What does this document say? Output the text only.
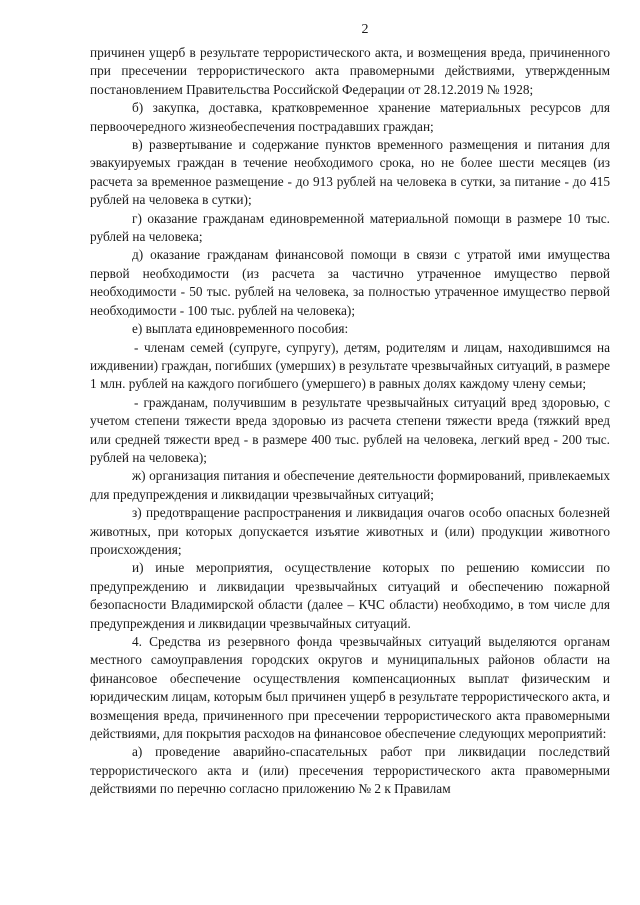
2

причинен ущерб в результате террористического акта, и возмещения вреда, причиненного при пресечении террористического акта правомерными действиями, утвержденным постановлением Правительства Российской Федерации от 28.12.2019 № 1928;

б) закупка, доставка, кратковременное хранение материальных ресурсов для первоочередного жизнеобеспечения пострадавших граждан;

в) развертывание и содержание пунктов временного размещения и питания для эвакуируемых граждан в течение необходимого срока, но не более шести месяцев (из расчета за временное размещение - до 913 рублей на человека в сутки, за питание - до 415 рублей на человека в сутки);

г) оказание гражданам единовременной материальной помощи в размере 10 тыс. рублей на человека;

д) оказание гражданам финансовой помощи в связи с утратой ими имущества первой необходимости (из расчета за частично утраченное имущество первой необходимости - 50 тыс. рублей на человека, за полностью утраченное имущество первой необходимости - 100 тыс. рублей на человека);

е) выплата единовременного пособия:

- членам семей (супруге, супругу), детям, родителям и лицам, находившимся на иждивении) граждан, погибших (умерших) в результате чрезвычайных ситуаций, в размере 1 млн. рублей на каждого погибшего (умершего) в равных долях каждому члену семьи;

- гражданам, получившим в результате чрезвычайных ситуаций вред здоровью, с учетом степени тяжести вреда здоровью из расчета степени тяжести вреда (тяжкий вред или средней тяжести вред - в размере 400 тыс. рублей на человека, легкий вред - 200 тыс. рублей на человека);

ж) организация питания и обеспечение деятельности формирований, привлекаемых для предупреждения и ликвидации чрезвычайных ситуаций;

з) предотвращение распространения и ликвидация очагов особо опасных болезней животных, при которых допускается изъятие животных и (или) продукции животного происхождения;

и) иные мероприятия, осуществление которых по решению комиссии по предупреждению и ликвидации чрезвычайных ситуаций и обеспечению пожарной безопасности Владимирской области (далее – КЧС области) необходимо, в том числе для предупреждения и ликвидации чрезвычайных ситуаций.

4. Средства из резервного фонда чрезвычайных ситуаций выделяются органам местного самоуправления городских округов и муниципальных районов области на финансовое обеспечение осуществления компенсационных выплат физическим и юридическим лицам, которым был причинен ущерб в результате террористического акта, и возмещения вреда, причиненного при пресечении террористического акта правомерными действиями, для покрытия расходов на финансовое обеспечение следующих мероприятий:

а) проведение аварийно-спасательных работ при ликвидации последствий террористического акта и (или) пресечения террористического акта правомерными действиями по перечню согласно приложению № 2 к Правилам
